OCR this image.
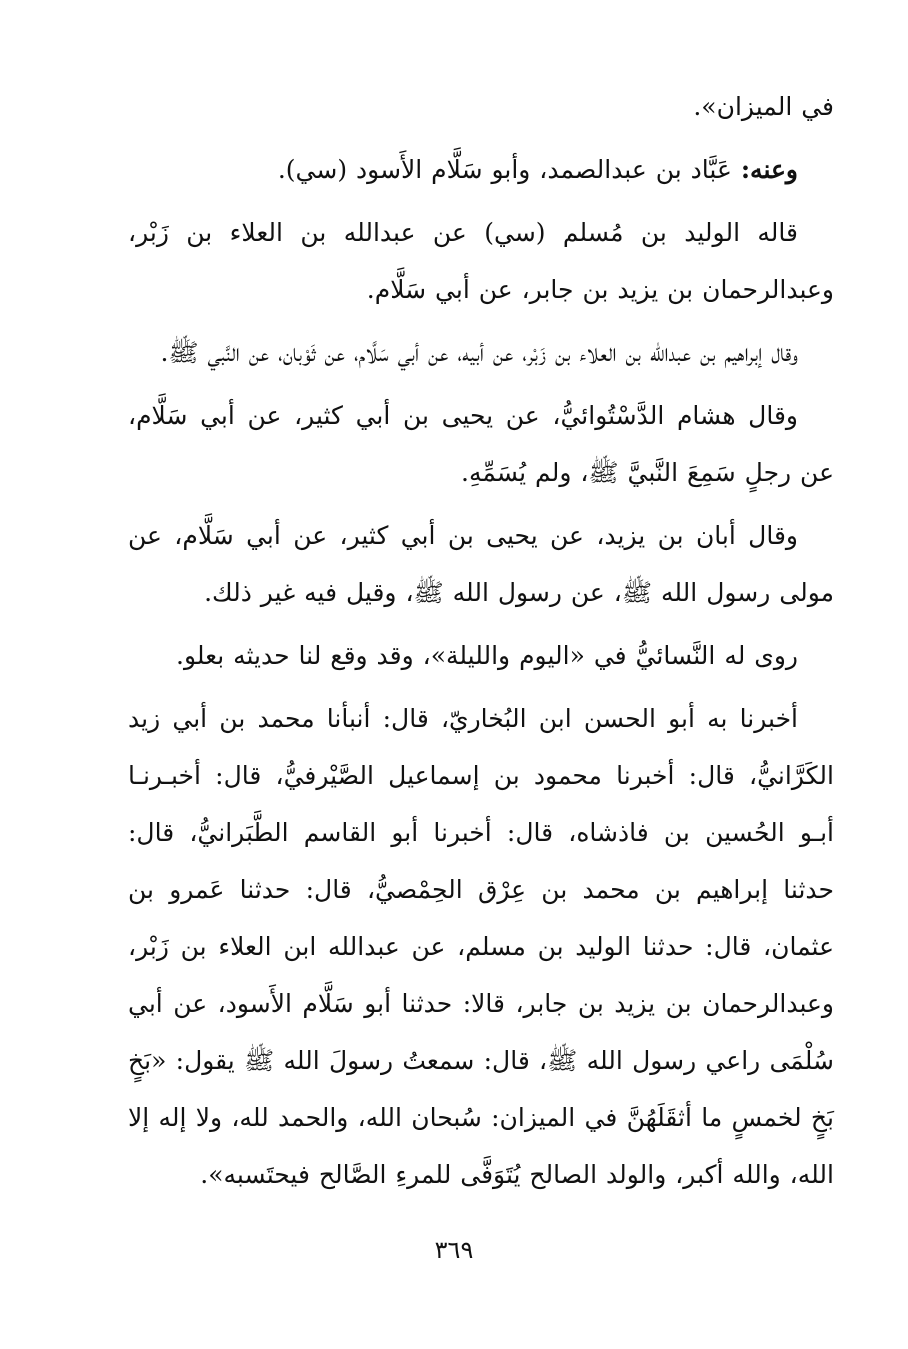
في الميزان».

وعنه: عَبَّاد بن عبدالصمد، وأبو سَلَّام الأَسود (سي).

قاله الوليد بن مُسلم (سي) عن عبدالله بن العلاء بن زَبْر، وعبدالرحمان بن يزيد بن جابر، عن أبي سَلَّام.

وقال إبراهيم بن عبدالله بن العلاء بن زَبْر، عن أبيه، عن أبي سَلَّام، عن ثَوْبان، عن النَّبي ﷺ.

وقال هشام الدَّسْتُوائيُّ، عن يحيى بن أبي كثير، عن أبي سَلَّام، عن رجلٍ سَمِعَ النَّبيَّ ﷺ، ولم يُسَمِّهِ.

وقال أبان بن يزيد، عن يحيى بن أبي كثير، عن أبي سَلَّام، عن مولى رسول الله ﷺ، عن رسول الله ﷺ، وقيل فيه غير ذلك.

روى له النَّسائيُّ في «اليوم والليلة»، وقد وقع لنا حديثه بعلو.

أخبرنا به أبو الحسن ابن البُخاريّ، قال: أنبأنا محمد بن أبي زيد الكَرَّانيُّ، قال: أخبرنا محمود بن إسماعيل الصَّيْرفيُّ، قال: أخبـرنـا أبـو الحُسين بن فاذشاه، قال: أخبرنا أبو القاسم الطَّبَرانيُّ، قال: حدثنا إبراهيم بن محمد بن عِرْق الحِمْصيُّ، قال: حدثنا عَمرو بن عثمان، قال: حدثنا الوليد بن مسلم، عن عبدالله ابن العلاء بن زَبْر، وعبدالرحمان بن يزيد بن جابر، قالا: حدثنا أبو سَلَّام الأَسود، عن أبي سُلْمَى راعي رسول الله ﷺ، قال: سمعتُ رسولَ الله ﷺ يقول: «بَخٍ بَخٍ لخمسٍ ما أثقَلَهُنَّ في الميزان: سُبحان الله، والحمد لله، ولا إله إلا الله، والله أكبر، والولد الصالح يُتَوَفَّى للمرءِ الصَّالح فيحتَسبه».

٣٦٩
